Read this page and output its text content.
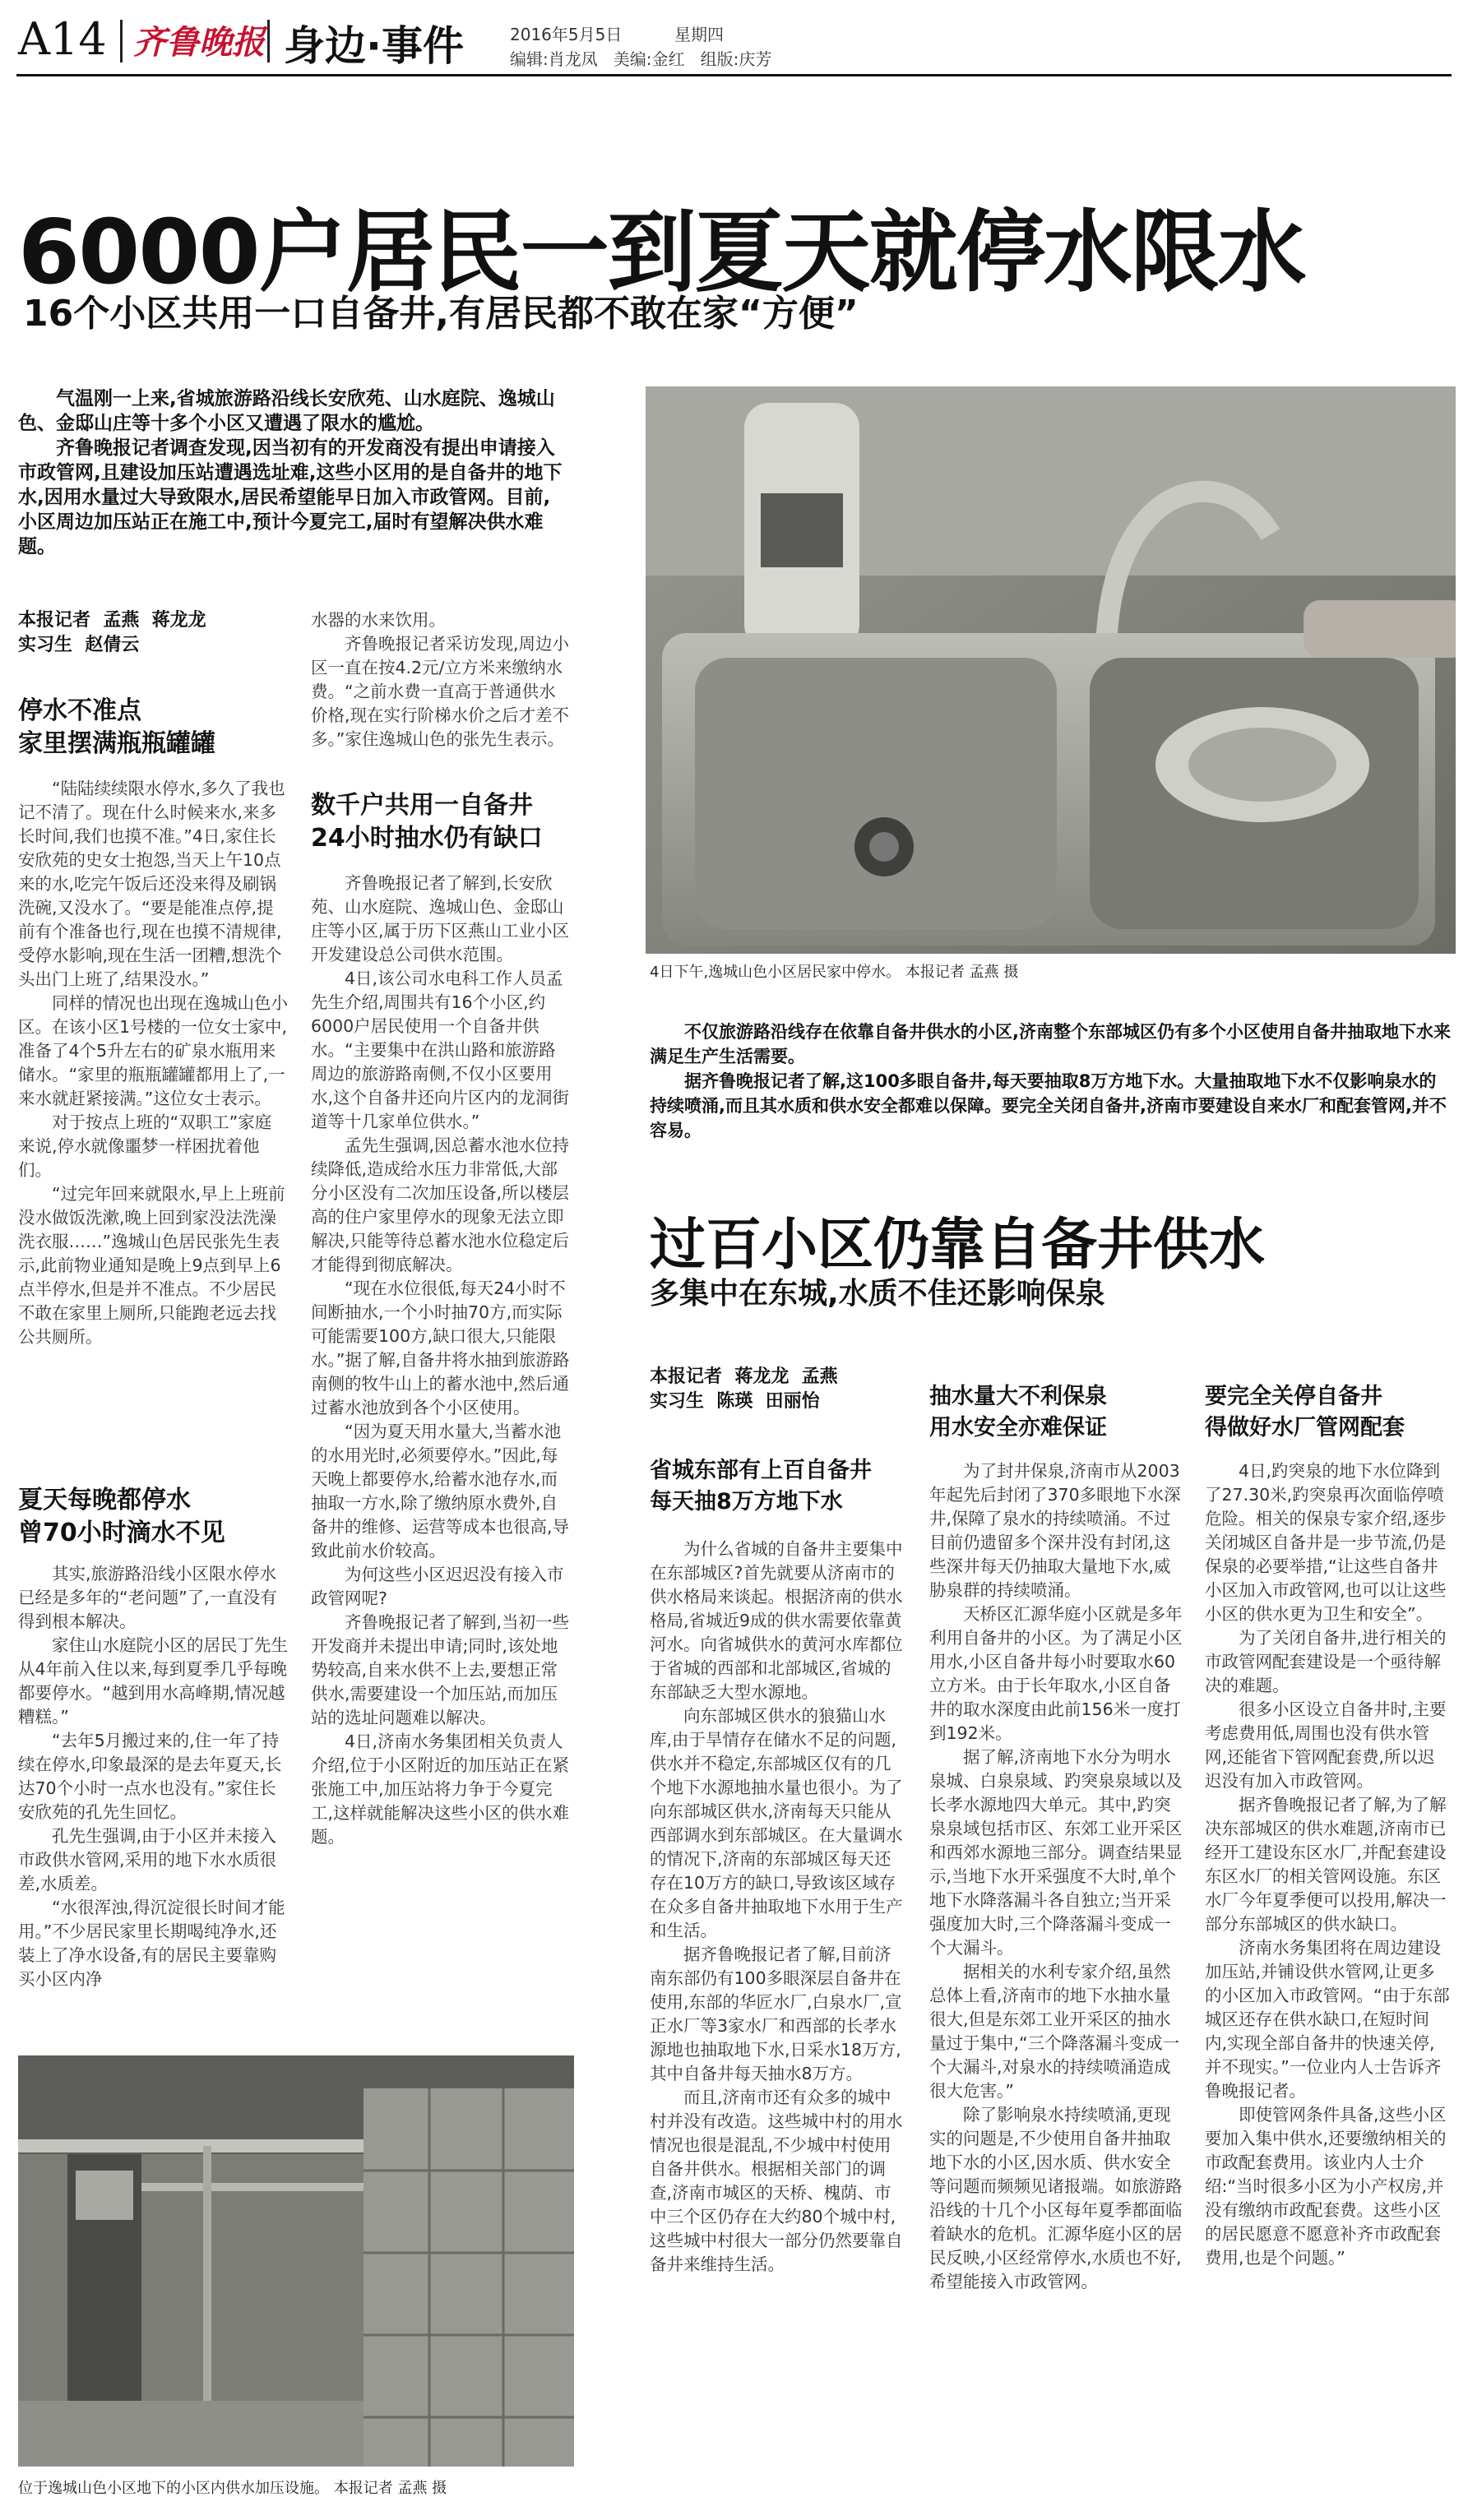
A14 齐鲁晚报 身边·事件	2016年5月5日	星期四
编辑:肖龙凤   美编:金红   组版:庆芳
6000户居民一到夏天就停水限水
16个小区共用一口自备井,有居民都不敢在家“方便”

气温刚一上来,省城旅游路沿线长安欣苑、山水庭院、逸城山色、金邸山庄等十多个小区又遭遇了限水的尴尬。

齐鲁晚报记者调查发现,因当初有的开发商没有提出申请接入市政管网,且建设加压站遭遇选址难,这些小区用的是自备井的地下水,因用水量过大导致限水,居民希望能早日加入市政管网。目前,小区周边加压站正在施工中,预计今夏完工,届时有望解决供水难题。

4日下午,逸城山色小区居民家中停水。 本报记者 孟燕 摄

不仅旅游路沿线存在依靠自备井供水的小区,济南整个东部城区仍有多个小区使用自备井抽取地下水来满足生产生活需要。

据齐鲁晚报记者了解,这100多眼自备井,每天要抽取8万方地下水。大量抽取地下水不仅影响泉水的持续喷涌,而且其水质和供水安全都难以保障。要完全关闭自备井,济南市要建设自来水厂和配套管网,并不容易。

过百小区仍靠自备井供水
多集中在东城,水质不佳还影响保泉
本报记者  孟燕  蒋龙龙
实习生  赵倩云
停水不准点
家里摆满瓶瓶罐罐

“陆陆续续限水停水,多久了我也记不清了。现在什么时候来水,来多长时间,我们也摸不准。”4日,家住长安欣苑的史女士抱怨,当天上午10点来的水,吃完午饭后还没来得及刷锅洗碗,又没水了。“要是能准点停,提前有个准备也行,现在也摸不清规律,受停水影响,现在生活一团糟,想洗个头出门上班了,结果没水。”

同样的情况也出现在逸城山色小区。在该小区1号楼的一位女士家中,准备了4个5升左右的矿泉水瓶用来储水。“家里的瓶瓶罐罐都用上了,一来水就赶紧接满。”这位女士表示。

对于按点上班的“双职工”家庭来说,停水就像噩梦一样困扰着他们。

“过完年回来就限水,早上上班前没水做饭洗漱,晚上回到家没法洗澡洗衣服……”逸城山色居民张先生表示,此前物业通知是晚上9点到早上6点半停水,但是并不准点。不少居民不敢在家里上厕所,只能跑老远去找公共厕所。

夏天每晚都停水
曾70小时滴水不见

其实,旅游路沿线小区限水停水已经是多年的“老问题”了,一直没有得到根本解决。

家住山水庭院小区的居民丁先生从4年前入住以来,每到夏季几乎每晚都要停水。“越到用水高峰期,情况越糟糕。”

“去年5月搬过来的,住一年了持续在停水,印象最深的是去年夏天,长达70个小时一点水也没有。”家住长安欣苑的孔先生回忆。

孔先生强调,由于小区并未接入市政供水管网,采用的地下水水质很差,水质差。

“水很浑浊,得沉淀很长时间才能用。”不少居民家里长期喝纯净水,还装上了净水设备,有的居民主要靠购买小区内净

水器的水来饮用。

齐鲁晚报记者采访发现,周边小区一直在按4.2元/立方米来缴纳水费。“之前水费一直高于普通供水价格,现在实行阶梯水价之后才差不多。”家住逸城山色的张先生表示。

数千户共用一自备井
24小时抽水仍有缺口

齐鲁晚报记者了解到,长安欣苑、山水庭院、逸城山色、金邸山庄等小区,属于历下区燕山工业小区开发建设总公司供水范围。

4日,该公司水电科工作人员孟先生介绍,周围共有16个小区,约6000户居民使用一个自备井供水。“主要集中在洪山路和旅游路周边的旅游路南侧,不仅小区要用水,这个自备井还向片区内的龙洞街道等十几家单位供水。”

孟先生强调,因总蓄水池水位持续降低,造成给水压力非常低,大部分小区没有二次加压设备,所以楼层高的住户家里停水的现象无法立即解决,只能等待总蓄水池水位稳定后才能得到彻底解决。

“现在水位很低,每天24小时不间断抽水,一个小时抽70方,而实际可能需要100方,缺口很大,只能限水。”据了解,自备井将水抽到旅游路南侧的牧牛山上的蓄水池中,然后通过蓄水池放到各个小区使用。

“因为夏天用水量大,当蓄水池的水用光时,必须要停水。”因此,每天晚上都要停水,给蓄水池存水,而抽取一方水,除了缴纳原水费外,自备井的维修、运营等成本也很高,导致此前水价较高。

为何这些小区迟迟没有接入市政管网呢?

齐鲁晚报记者了解到,当初一些开发商并未提出申请;同时,该处地势较高,自来水供不上去,要想正常供水,需要建设一个加压站,而加压站的选址问题难以解决。

4日,济南水务集团相关负责人介绍,位于小区附近的加压站正在紧张施工中,加压站将力争于今夏完工,这样就能解决这些小区的供水难题。

位于逸城山色小区地下的小区内供水加压设施。 本报记者 孟燕 摄
本报记者  蒋龙龙  孟燕
实习生  陈瑛  田丽怡
省城东部有上百自备井
每天抽8万方地下水

为什么省城的自备井主要集中在东部城区?首先就要从济南市的供水格局来谈起。根据济南的供水格局,省城近9成的供水需要依靠黄河水。向省城供水的黄河水库都位于省城的西部和北部城区,省城的东部缺乏大型水源地。

向东部城区供水的狼猫山水库,由于旱情存在储水不足的问题,供水并不稳定,东部城区仅有的几个地下水源地抽水量也很小。为了向东部城区供水,济南每天只能从西部调水到东部城区。在大量调水的情况下,济南的东部城区每天还存在10万方的缺口,导致该区域存在众多自备井抽取地下水用于生产和生活。

据齐鲁晚报记者了解,目前济南东部仍有100多眼深层自备井在使用,东部的华匠水厂,白泉水厂,宣正水厂等3家水厂和西部的长孝水源地也抽取地下水,日采水18万方,其中自备井每天抽水8万方。

而且,济南市还有众多的城中村并没有改造。这些城中村的用水情况也很是混乱,不少城中村使用自备井供水。根据相关部门的调查,济南市城区的天桥、槐荫、市中三个区仍存在大约80个城中村,这些城中村很大一部分仍然要靠自备井来维持生活。

抽水量大不利保泉
用水安全亦难保证

为了封井保泉,济南市从2003年起先后封闭了370多眼地下水深井,保障了泉水的持续喷涌。不过目前仍遗留多个深井没有封闭,这些深井每天仍抽取大量地下水,威胁泉群的持续喷涌。

天桥区汇源华庭小区就是多年利用自备井的小区。为了满足小区用水,小区自备井每小时要取水60立方米。由于长年取水,小区自备井的取水深度由此前156米一度打到192米。

据了解,济南地下水分为明水泉城、白泉泉域、趵突泉泉域以及长孝水源地四大单元。其中,趵突泉泉域包括市区、东郊工业开采区和西郊水源地三部分。调查结果显示,当地下水开采强度不大时,单个地下水降落漏斗各自独立;当开采强度加大时,三个降落漏斗变成一个大漏斗。

据相关的水利专家介绍,虽然总体上看,济南市的地下水抽水量很大,但是东郊工业开采区的抽水量过于集中,“三个降落漏斗变成一个大漏斗,对泉水的持续喷涌造成很大危害。”

除了影响泉水持续喷涌,更现实的问题是,不少使用自备井抽取地下水的小区,因水质、供水安全等问题而频频见诸报端。如旅游路沿线的十几个小区每年夏季都面临着缺水的危机。汇源华庭小区的居民反映,小区经常停水,水质也不好,希望能接入市政管网。

要完全关停自备井
得做好水厂管网配套

4日,趵突泉的地下水位降到了27.30米,趵突泉再次面临停喷危险。相关的保泉专家介绍,逐步关闭城区自备井是一步节流,仍是保泉的必要举措,“让这些自备井小区加入市政管网,也可以让这些小区的供水更为卫生和安全”。

为了关闭自备井,进行相关的市政管网配套建设是一个亟待解决的难题。

很多小区设立自备井时,主要考虑费用低,周围也没有供水管网,还能省下管网配套费,所以迟迟没有加入市政管网。

据齐鲁晚报记者了解,为了解决东部城区的供水难题,济南市已经开工建设东区水厂,并配套建设东区水厂的相关管网设施。东区水厂今年夏季便可以投用,解决一部分东部城区的供水缺口。

济南水务集团将在周边建设加压站,并铺设供水管网,让更多的小区加入市政管网。“由于东部城区还存在供水缺口,在短时间内,实现全部自备井的快速关停,并不现实。”一位业内人士告诉齐鲁晚报记者。

即使管网条件具备,这些小区要加入集中供水,还要缴纳相关的市政配套费用。该业内人士介绍:“当时很多小区为小产权房,并没有缴纳市政配套费。这些小区的居民愿意不愿意补齐市政配套费用,也是个问题。”
